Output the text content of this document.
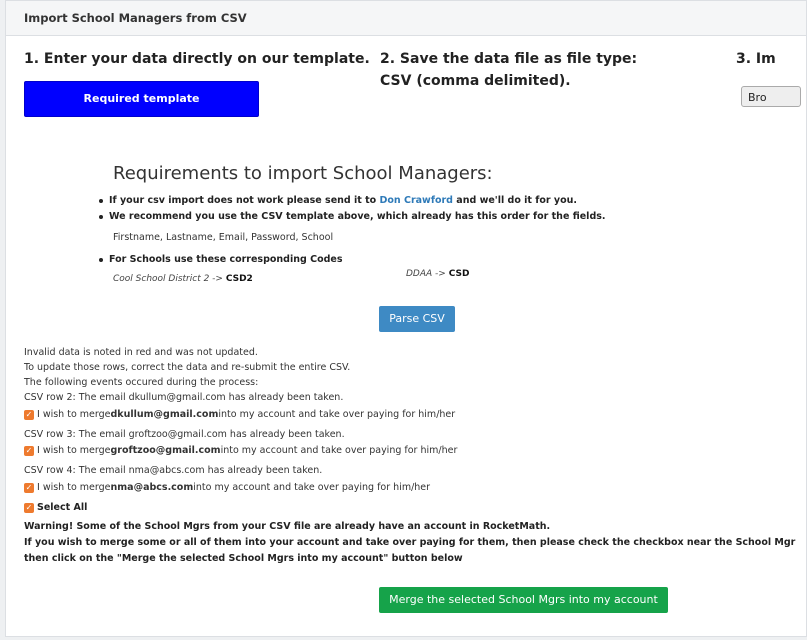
Import School Managers from CSV
1. Enter your data directly on our template. 2. Save the data file as file type:
CSV (comma delimited).
3. Im
Required template	Bro
Requirements to import School Managers:
If your csv import does not work please send it to Don Crawford and we'll do it for you.
We recommend you use the CSV template above, which already has this order for the fields.
Firstname, Lastname, Email, Password, School
For Schools use these corresponding Codes
Cool School District 2 -> CSD2	DDAA -> CSD
Parse CSV
Invalid data is noted in red and was not updated.
To update those rows, correct the data and re-submit the entire CSV.
The following events occured during the process:
CSV row 2: The email dkullum@gmail.com has already been taken.
✓ I wish to merge dkullum@gmail.com into my account and take over paying for him/her
CSV row 3: The email groftzoo@gmail.com has already been taken.
✓ I wish to merge groftzoo@gmail.com into my account and take over paying for him/her
CSV row 4: The email nma@abcs.com has already been taken.
✓ I wish to merge nma@abcs.com into my account and take over paying for him/her
✓ Select All
Warning! Some of the School Mgrs from your CSV file are already have an account in RocketMath.
If you wish to merge some or all of them into your account and take over paying for them, then please check the checkbox near the School Mgr
then click on the "Merge the selected School Mgrs into my account" button below
Merge the selected School Mgrs into my account
